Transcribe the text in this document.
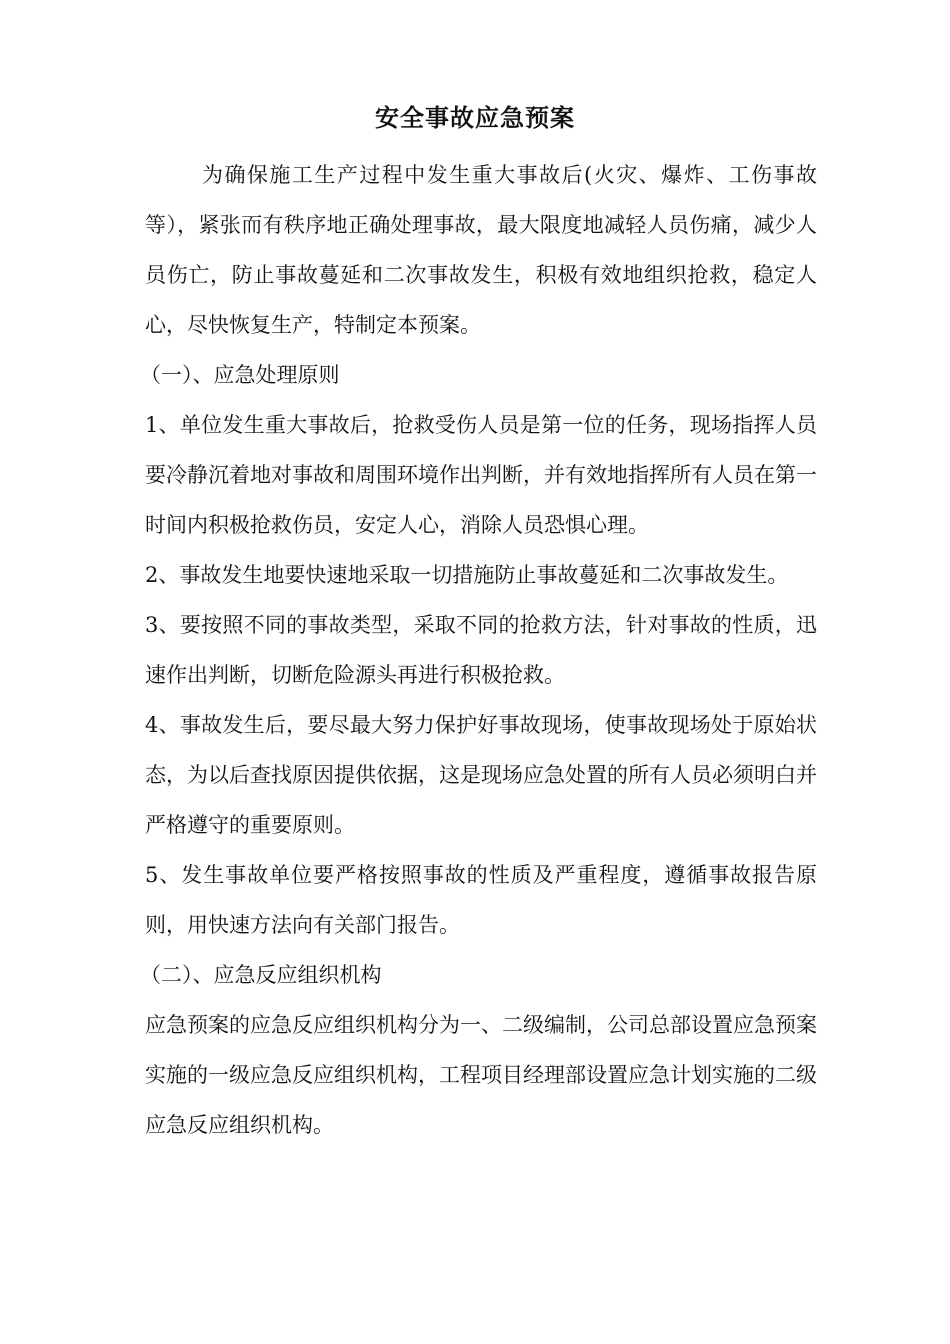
安全事故应急预案

为确保施工生产过程中发生重大事故后(火灾、爆炸、工伤事故等），紧张而有秩序地正确处理事故，最大限度地减轻人员伤痛，减少人员伤亡，防止事故蔓延和二次事故发生，积极有效地组织抢救，稳定人心，尽快恢复生产，特制定本预案。

（一）、应急处理原则

1、单位发生重大事故后，抢救受伤人员是第一位的任务，现场指挥人员要冷静沉着地对事故和周围环境作出判断，并有效地指挥所有人员在第一时间内积极抢救伤员，安定人心，消除人员恐惧心理。

2、事故发生地要快速地采取一切措施防止事故蔓延和二次事故发生。

3、要按照不同的事故类型，采取不同的抢救方法，针对事故的性质，迅速作出判断，切断危险源头再进行积极抢救。

4、事故发生后，要尽最大努力保护好事故现场，使事故现场处于原始状态，为以后查找原因提供依据，这是现场应急处置的所有人员必须明白并严格遵守的重要原则。

5、发生事故单位要严格按照事故的性质及严重程度，遵循事故报告原则，用快速方法向有关部门报告。

（二）、应急反应组织机构

应急预案的应急反应组织机构分为一、二级编制，公司总部设置应急预案实施的一级应急反应组织机构，工程项目经理部设置应急计划实施的二级应急反应组织机构。
